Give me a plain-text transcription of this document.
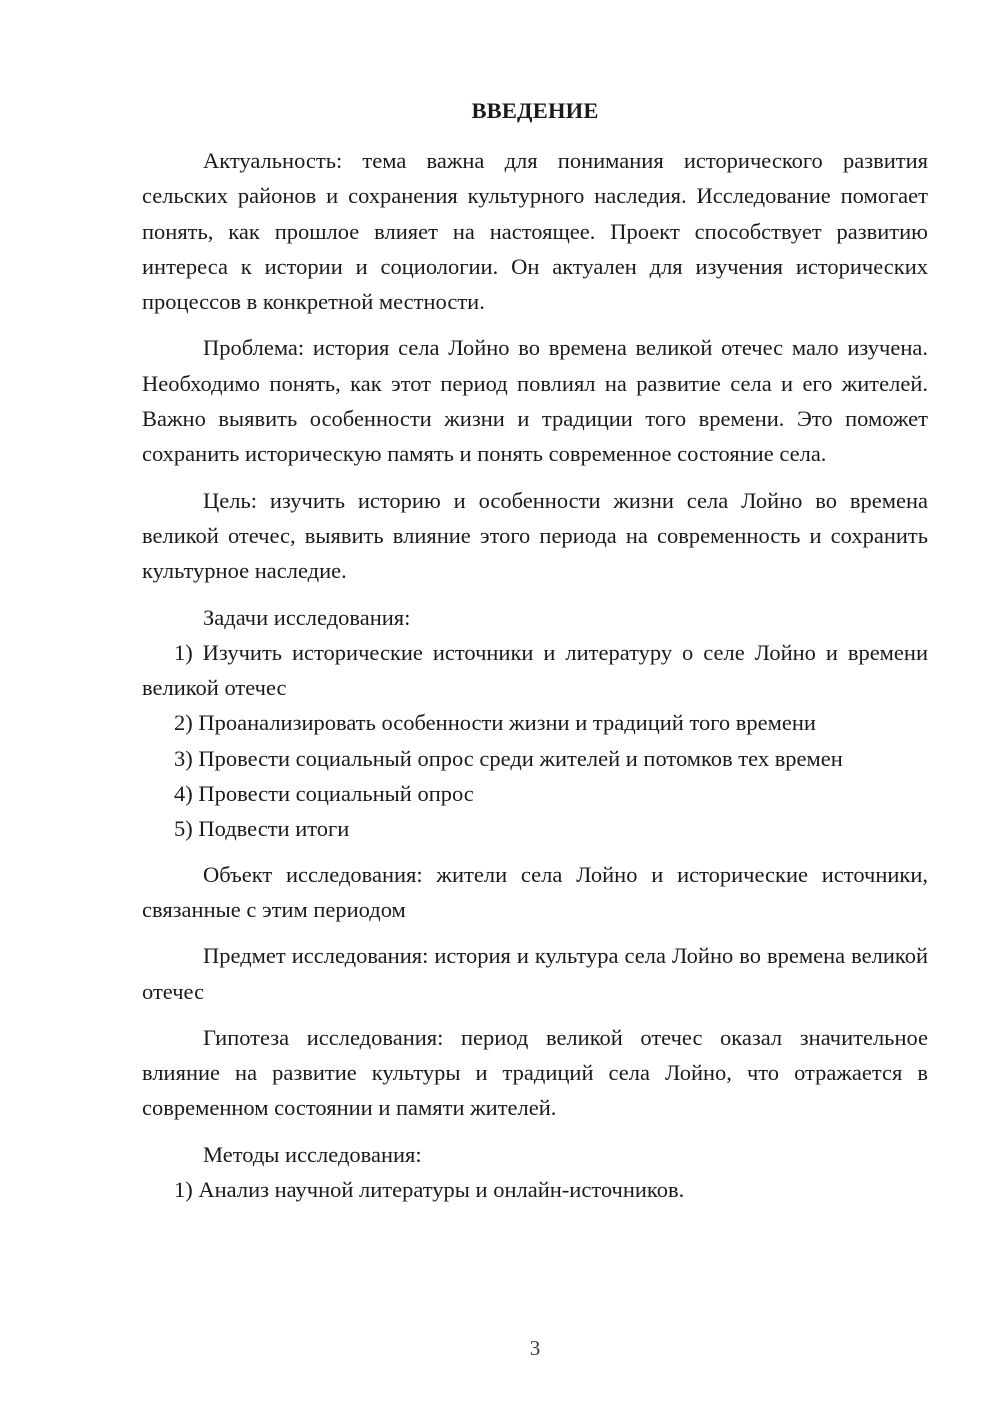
ВВЕДЕНИЕ

Актуальность: тема важна для понимания исторического развития сельских районов и сохранения культурного наследия. Исследование помогает понять, как прошлое влияет на настоящее. Проект способствует развитию интереса к истории и социологии. Он актуален для изучения исторических процессов в конкретной местности.

Проблема: история села Лойно во времена великой отечес мало изучена. Необходимо понять, как этот период повлиял на развитие села и его жителей. Важно выявить особенности жизни и традиции того времени. Это поможет сохранить историческую память и понять современное состояние села.

Цель: изучить историю и особенности жизни села Лойно во времена великой отечес, выявить влияние этого периода на современность и сохранить культурное наследие.

Задачи исследования:

1) Изучить исторические источники и литературу о селе Лойно и времени великой отечес

2) Проанализировать особенности жизни и традиций того времени

3) Провести социальный опрос среди жителей и потомков тех времен

4) Провести социальный опрос

5) Подвести итоги

Объект исследования: жители села Лойно и исторические источники, связанные с этим периодом

Предмет исследования: история и культура села Лойно во времена великой отечес

Гипотеза исследования: период великой отечес оказал значительное влияние на развитие культуры и традиций села Лойно, что отражается в современном состоянии и памяти жителей.

Методы исследования:

1) Анализ научной литературы и онлайн-источников.

3
